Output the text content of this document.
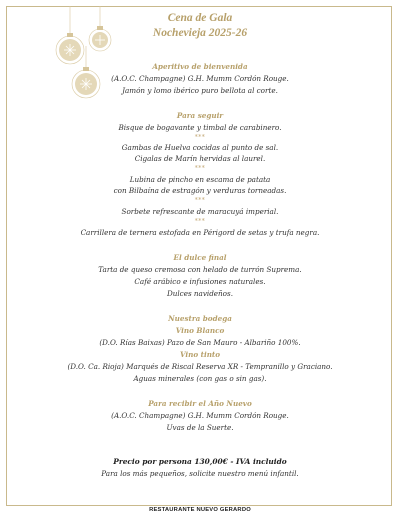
Cena de Gala
Nochevieja 2025-26
Aperitivo de bienvenida
(A.O.C. Champagne) G.H. Mumm Cordón Rouge.
Jamón y lomo ibérico puro bellota al corte.
Para seguir
Bisque de bogavante y timbal de carabinero.
***
Gambas de Huelva cocidas al punto de sal.
Cigalas de Marín hervidas al laurel.
***
Lubina de pincho en escama de patata
con Bilbaína de estragón y verduras torneadas.
***
Sorbete refrescante de maracuyá imperial.
***
Carrillera de ternera estofada en Périgord de setas y trufa negra.
El dulce final
Tarta de queso cremosa con helado de turrón Suprema.
Café arábico e infusiones naturales.
Dulces navideños.
Nuestra bodega
Vino Blanco
(D.O. Rías Baixas) Pazo de San Mauro - Albariño 100%.
Vino tinto
(D.O. Ca. Rioja) Marqués de Riscal Reserva XR - Tempranillo y Graciano.
Aguas minerales (con gas o sin gas).
Para recibir el Año Nuevo
(A.O.C. Champagne) G.H. Mumm Cordón Rouge.
Uvas de la Suerte.
Precio por persona 130,00€ - IVA incluido
Para los más pequeños, solicite nuestro menú infantil.
RESTAURANTE NUEVO GERARDO
